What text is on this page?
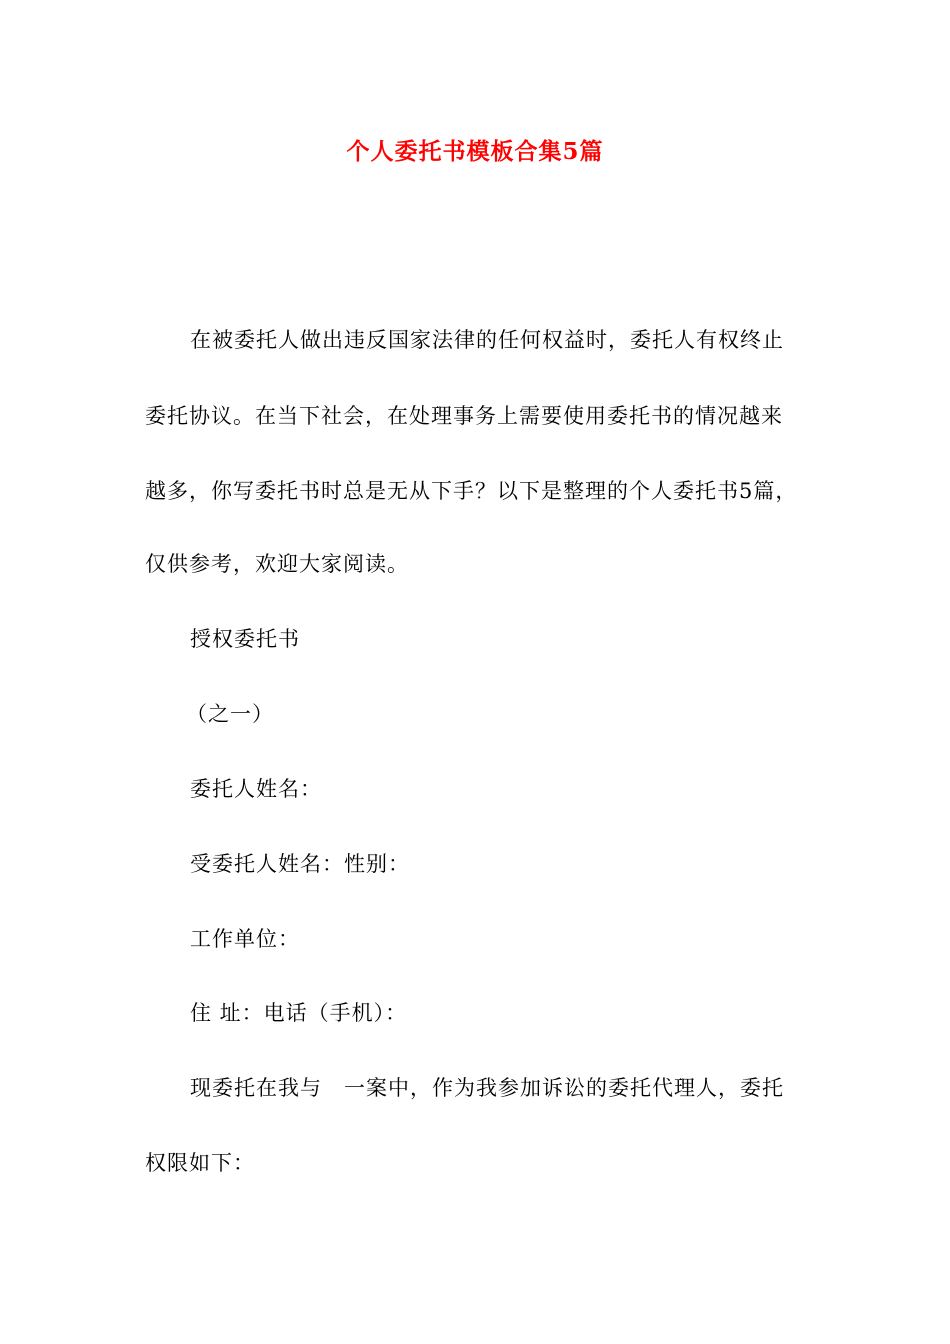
个人委托书模板合集5篇
在被委托人做出违反国家法律的任何权益时，委托人有权终止
委托协议。在当下社会，在处理事务上需要使用委托书的情况越来
越多，你写委托书时总是无从下手？以下是整理的个人委托书5篇，
仅供参考，欢迎大家阅读。
授权委托书
（之一）
委托人姓名：
受委托人姓名：性别：
工作单位：
住 址：电话（手机）：
现委托在我与　一案中，作为我参加诉讼的委托代理人，委托
权限如下：
